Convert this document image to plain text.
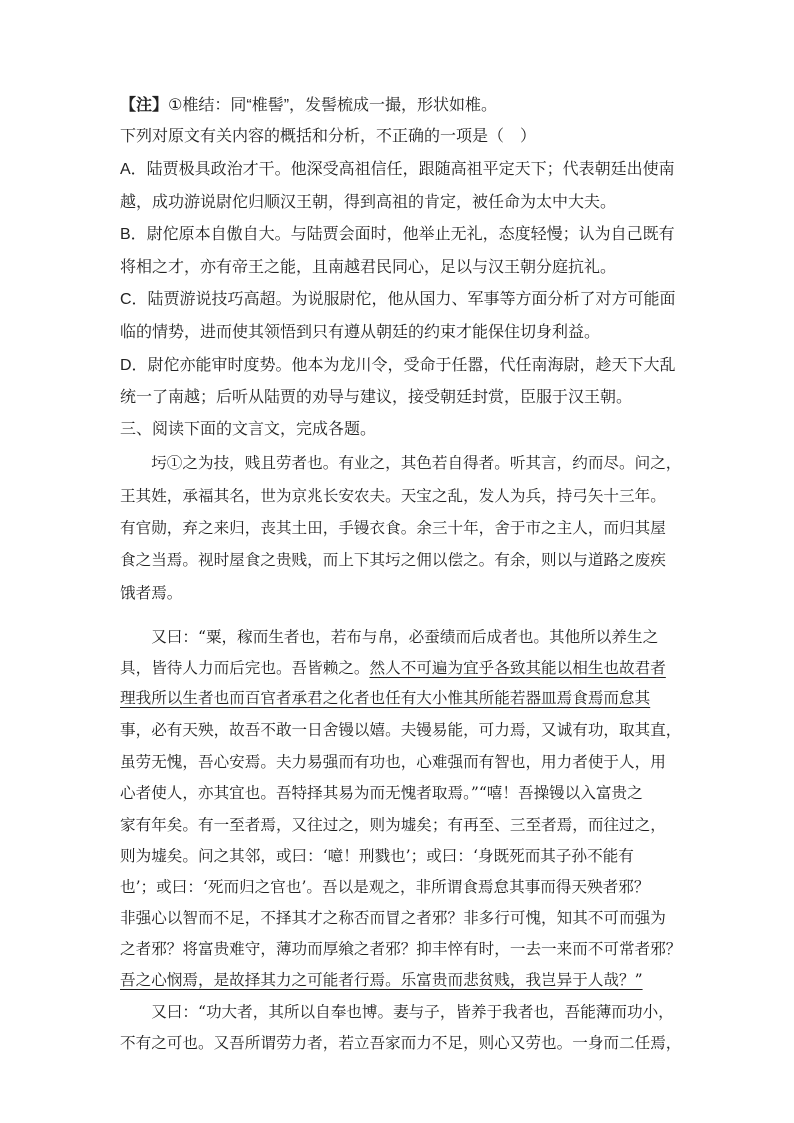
【注】①椎结：同“椎髻”，发髻梳成一撮，形状如椎。
下列对原文有关内容的概括和分析，不正确的一项是（　）
A．陆贾极具政治才干。他深受高祖信任，跟随高祖平定天下；代表朝廷出使南
越，成功游说尉佗归顺汉王朝，得到高祖的肯定，被任命为太中大夫。
B．尉佗原本自傲自大。与陆贾会面时，他举止无礼，态度轻慢；认为自己既有
将相之才，亦有帝王之能，且南越君民同心，足以与汉王朝分庭抗礼。
C．陆贾游说技巧高超。为说服尉佗，他从国力、军事等方面分析了对方可能面
临的情势，进而使其领悟到只有遵从朝廷的约束才能保住切身利益。
D．尉佗亦能审时度势。他本为龙川令，受命于任嚣，代任南海尉，趁天下大乱
统一了南越；后听从陆贾的劝导与建议，接受朝廷封赏，臣服于汉王朝。
三、阅读下面的文言文，完成各题。
　　圬①之为技，贱且劳者也。有业之，其色若自得者。听其言，约而尽。问之，
王其姓，承福其名，世为京兆长安农夫。天宝之乱，发人为兵，持弓矢十三年。
有官勋，弃之来归，丧其土田，手镘衣食。余三十年，舍于市之主人，而归其屋
食之当焉。视时屋食之贵贱，而上下其圬之佣以偿之。有余，则以与道路之废疾
饿者焉。
　　又曰：“粟，稼而生者也，若布与帛，必蚕绩而后成者也。其他所以养生之
具，皆待人力而后完也。吾皆赖之。然人不可遍为宜乎各致其能以相生也故君者
理我所以生者也而百官者承君之化者也任有大小惟其所能若器皿焉食焉而怠其
事，必有天殃，故吾不敢一日舍镘以嬉。夫镘易能，可力焉，又诚有功，取其直，
虽劳无愧，吾心安焉。夫力易强而有功也，心难强而有智也，用力者使于人，用
心者使人，亦其宜也。吾特择其易为而无愧者取焉。”“嘻！吾操镘以入富贵之
家有年矣。有一至者焉，又往过之，则为墟矣；有再至、三至者焉，而往过之，
则为墟矣。问之其邻，或曰：‘噫！刑戮也’；或曰：‘身既死而其子孙不能有
也’；或曰：‘死而归之官也’。吾以是观之，非所谓食焉怠其事而得天殃者邪？
非强心以智而不足，不择其才之称否而冒之者邪？非多行可愧，知其不可而强为
之者邪？将富贵难守，薄功而厚飨之者邪？抑丰悴有时，一去一来而不可常者邪？
吾之心悯焉，是故择其力之可能者行焉。乐富贵而悲贫贱，我岂异于人哉？”
　　又曰：“功大者，其所以自奉也博。妻与子，皆养于我者也，吾能薄而功小，
不有之可也。又吾所谓劳力者，若立吾家而力不足，则心又劳也。一身而二任焉，
